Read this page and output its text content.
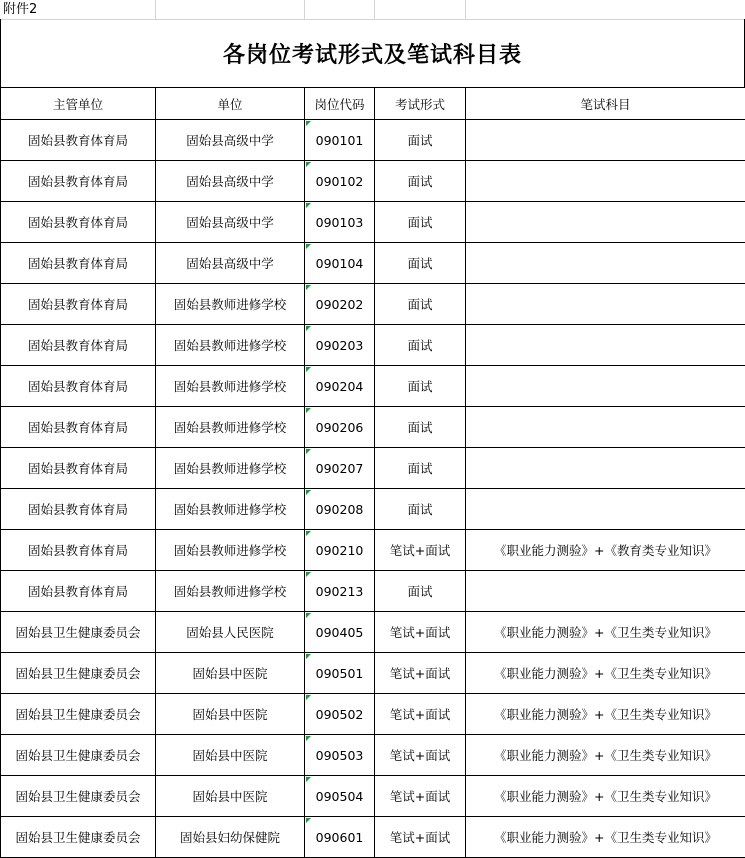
附件2
各岗位考试形式及笔试科目表
主管单位	单位	岗位代码	考试形式	笔试科目
固始县教育体育局	固始县高级中学	090101	面试	
固始县教育体育局	固始县高级中学	090102	面试	
固始县教育体育局	固始县高级中学	090103	面试	
固始县教育体育局	固始县高级中学	090104	面试	
固始县教育体育局	固始县教师进修学校	090202	面试	
固始县教育体育局	固始县教师进修学校	090203	面试	
固始县教育体育局	固始县教师进修学校	090204	面试	
固始县教育体育局	固始县教师进修学校	090206	面试	
固始县教育体育局	固始县教师进修学校	090207	面试	
固始县教育体育局	固始县教师进修学校	090208	面试	
固始县教育体育局	固始县教师进修学校	090210	笔试+面试	《职业能力测验》+《教育类专业知识》
固始县教育体育局	固始县教师进修学校	090213	面试	
固始县卫生健康委员会	固始县人民医院	090405	笔试+面试	《职业能力测验》+《卫生类专业知识》
固始县卫生健康委员会	固始县中医院	090501	笔试+面试	《职业能力测验》+《卫生类专业知识》
固始县卫生健康委员会	固始县中医院	090502	笔试+面试	《职业能力测验》+《卫生类专业知识》
固始县卫生健康委员会	固始县中医院	090503	笔试+面试	《职业能力测验》+《卫生类专业知识》
固始县卫生健康委员会	固始县中医院	090504	笔试+面试	《职业能力测验》+《卫生类专业知识》
固始县卫生健康委员会	固始县妇幼保健院	090601	笔试+面试	《职业能力测验》+《卫生类专业知识》
